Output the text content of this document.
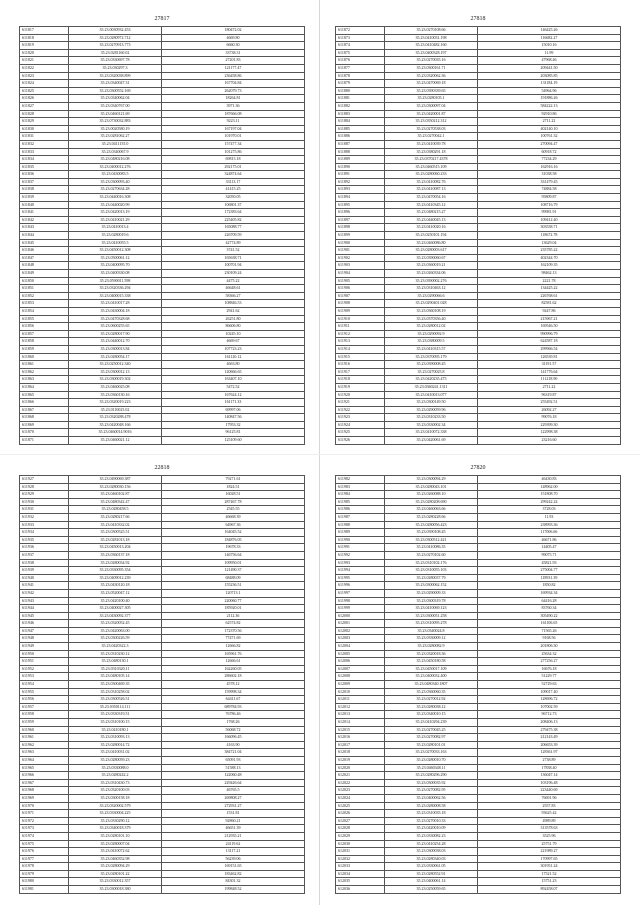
27817
611817	35.23.0030932.453	180472.02
611818	35.23.0280972.712	4669.80
611819	35.23.0270913.773	6660.30
611820	35.23.0281160.02	33738.31
611821	35.23.0330697.78	27201.83
611822	35.23.030297.3	121177.47
611823	35.23.0320038.899	236458.86
611824	35.23.0340047.31	167704.84
611825	35.23.0300552.169	262079.73
611826	35.23.0340062.04	18264.81
611827	35.23.0340767.00	3971.36
611828	35.23.0460121.69	187666.08
611829	35.23.0730032.883	9223.11
611830	35.23.0020580.19	167197.04
611831	35.23.0281062.27	101970.01
611832	35.23.0411155.0	157477.34
611833	35.23.0340067.9	101275.86
611834	35.23.0480216.08	69815.18
611835	35.23.0400012.276	292175.01
611836	35.23.0430083.5	324874.64
611837	35.23.0300093.40	33113.17
611838	35.23.0270634.28	41415.25
611839	35.23.0440016.308	32050.05
611840	35.23.0440020.99	106801.37
611841	35.23.0420013.19	172383.64
611842	35.23.0410021.29	225405.82
611843	35.23.0410013.4	165088.77
611844	35.23.0280019.6	226709.59
611845	35.23.0410055.5	42774.89
611846	35.23.0450012.308	3741.52
611847	35.23.0500061.12	165638.71
611848	35.23.0400095.70	100701.94
611849	35.23.0400330.08	230109.24
611850	35.23.0590011.598	4475.22
611851	35.23.0320336.294	46648.61
611852	35.23.0400015.338	58366.27
611853	35.23.0410017.28	108846.53
611854	35.23.0430004.18	2941.62
611855	35.23.0470328.68	26251.80
611856	35.23.0600255.65	86606.80
611857	35.23.0280017.90	10245.10
611858	35.23.0440012.70	4669.67
611859	35.23.0300013.84	107723.23
611860	35.23.0280054.17	161120.12
611861	35.23.0250012.340	4663.80
611862	35.23.0300012.13	120666.65
611863	35.23.0300019.302	163407.10
611864	35.23.0460025.08	5472.52
611865	35.23.0360130.16	167624.12
611866	35.23.0320019.223	161171.33
611867	35.23.0110025.02	69997.06
611868	35.23.0320288.478	140847.56
611869	35.23.0420048.166	17953.32
611870	35.23.0460014.9016	96125.81
611871	35.23.0460021.12	125109.60
27818
611872	35.23.0270108.66	146425.26
611873	35.23.0410031.198	116682.27
611874	35.23.0410482.160	15010.16
611875	35.23.0400328.197	11.99
611876	35.23.0270035.16	47968.46
611877	35.23.0300161.71	209441.50
611878	35.23.0320062.36	203085.85
611879	35.23.0470069.18	131184.19
611880	35.23.0390339.65	54964.96
611881	35.23.0280105.1	191886.26
611882	35.23.0300097.04	584222.13
611883	35.23.0420001.87	92910.86
611884	35.23.0350212.312	2711.22
611885	35.23.0270538.03	402140.10
611886	35.23.0270042.1	100761.32
611887	35.23.0410039.78	270094.47
611888	35.23.0380291.18	60918.72
611889	35.23.0370217.4378	77234.29
611890	35.23.0460515.109	162916.16
611891	35.23.0280060.233	31038.58
611892	35.23.0410082.76	331479.45
611893	35.23.0410087.13	74884.58
611894	35.23.0470054.16	95809.87
611895	35.23.0410345.12	108716.79
611896	35.23.0480215.27	99981.91
611897	35.23.0440045.13	109412.40
611898	35.23.0410020.16	303538.71
611899	35.23.0250101.194	118672.78
611900	35.23.0460086.80	13629.04
611901	35.23.0280003.617	235785.22
611902	35.23.0390060.67	402344.70
611903	35.23.0360019.21	162109.35
611904	35.23.0260334.06	98462.13
611905	35.23.0390002.276	2221.78
611906	35.23.0310463.12	134425.22
611907	35.23.0290066.6	226768.61
611908	35.23.0290401.028	82581.62
611909	35.23.0360108.19	9247.86
611910	35.23.0370356.40	215967.21
611911	35.23.0280012.02	169546.50
611912	35.23.0290092.9	990996.79
611913	35.23.0380009.5	624587.18
611914	35.23.0410315.57	299966.54
611915	35.23.0370095.179	126539.81
611916	35.23.0390008.45	31191.57
611917	35.23.0270025.8	141776.64
611918	35.23.0420235.475	111218.90
611919	35.23.0360241.1311	2711.22
611920	35.23.0410013.077	96319.87
611921	35.23.0300149.50	255492.51
611922	35.23.0290059.96	26092.27
611923	35.23.0310233.50	99076.18
611924	35.23.0330002.34	229399.30
611925	35.23.0410072.338	122998.38
611926	35.23.0420061.69	23216.60
22818
611927	35.23.0490069.387	79271.61
611928	35.23.0280030.156	1824.51
611929	35.23.0460102.87	16028.51
611930	35.23.0480342.47	287467.78
611931	35.23.0280458.5	2545.55
611932	35.23.0280217.66	46668.39
611933	35.23.0410332.02	64967.36
611934	35.23.0300525.51	164045.52
611935	35.23.0281013.18	184876.05
611936	35.23.0450013.204	19678.33
611937	35.23.0360137.18	146756.64
611938	35.23.0280034.92	109950.01
611939	35.23.0330095.354	121490.37
611940	35.23.0409012.239	68488.09
611941	35.23.0430120.18	155236.51
611942	35.23.0520047.12	120713.1
611943	35.23.0420100.40	220060.77
611944	35.23.0400027.305	185920.01
611945	35.23.0430092.377	2112.36
611946	35.23.0320052.45	62574.82
611947	35.23.0420063.00	172370.56
611948	35.23.0300226.59	77471.69
611949	35.23.0420322.3	12666.82
611950	35.23.0310230.12	165961.76
611951	35.23.0480130.1	12666.61
611952	35.23.0310320.11	162260.05
611953	35.23.0480105.14	286602.18
611954	35.23.0300469.35	4578.12
611955	35.23.0310258.02	159998.34
611956	35.23.0300526.51	64411.67
611957	35.23.0350114.111	689784.93
611958	35.23.0330319.51	76786.46
611959	35.23.0310100.15	1768.26
611960	35.23.0410180.1	56068.72
611961	35.23.0310093.13	166096.45
611962	35.23.0280014.72	4163.90
611963	35.23.0410031.02	384721.04
611964	35.23.0280059.23	65091.93
611965	35.23.0330088.0	51588.13
611966	35.23.0280242.2	122060.48
611967	35.23.0310430.73	229426.64
611968	35.23.0320100.03	46765.5
611969	35.23.0300158.18	269808.27
611970	35.23.0320002.579	272931.27
611971	35.23.0330004.225	1531.81
611972	35.23.0330290.12	92860.21
611973	35.23.0340018.379	46651.39
611974	35.23.0280101.10	212935.21
611975	35.23.0280007.04	24119.62
611976	35.23.0410072.62	13117.21
611977	35.23.0460352.98	56239.06
611978	35.23.0280094.29	169151.65
611979	35.23.0280101.22	183462.82
611980	35.23.0330012.357	84301.32
611981	35.23.0300018.380	199848.52
27820
611982	35.23.0300094.29	46430.83
611983	35.23.0280043.101	148962.00
611984	35.23.0260088.10	151808.70
611985	35.23.0280208.690	299242.24
611986	35.23.0460063.66	3728.03
611987	35.23.0280228.66	11.93
611988	35.23.0280056.423	238993.36
611989	35.23.0390108.45	117006.66
611990	35.23.0300512.421	46671.86
611991	35.23.0410086.35	14405.47
611992	35.23.0270102.60	99075.71
611993	35.23.0310102.176	45821.93
611994	35.23.0310055.103	275004.77
611995	35.23.0280037.79	118931.39
611996	35.23.0300062.152	1850.82
611997	35.23.0290009.33	169934.34
611998	35.23.0300319.78	64416.28
611999	35.23.0410069.123	83760.34
612000	35.23.0300051.258	305490.22
612001	35.23.0310095.278	161106.65
612002	35.23.0340024.8	71565.26
612003	35.23.0330009.12	9168.56
612004	35.23.0280082.9	201806.30
612005	35.23.0320018.36	25634.32
612006	35.23.0450180.58	277256.27
612007	35.23.0450017.109	16676.18
612008	35.23.0400032.400	51229.77
612009	35.23.0480340.1807	52729.63
612010	35.23.0360060.35	109017.40
612011	35.23.0270012.92	128696.72
612012	35.23.0280038.12	107002.59
612013	35.23.0340010.15	96712.73
612014	35.23.0410294.239	208406.13
612015	35.23.0270045.25	279475.38
612016	35.23.0270082.97	212143.49
612017	35.23.0280101.01	206653.39
612018	35.23.0270033.163	128361.97
612019	35.23.0280010.70	2738.89
612020	35.23.0460348.11	17838.40
612021	35.23.0280296.290	136047.14
612022	35.23.0300035.92	103196.48
612023	35.23.0270082.95	223440.69
612024	35.23.0400062.56	76691.96
612025	35.23.0280008.58	2557.83
612026	35.23.0310035.18	93625.42
612027	35.23.0270010.33	4989.89
612028	35.23.0420010.09	313578.63
612029	35.23.0330082.23	3525.96
612030	35.23.0410254.28	25751.79
612031	35.23.0300038.03	221989.27
612032	35.23.0280340.03	170997.65
612033	35.23.0330061.05	301951.24
612034	35.23.0280552.91	17521.52
612035	35.23.0400061.14	15751.23
612036	35.23.0250059.65	892458.07
